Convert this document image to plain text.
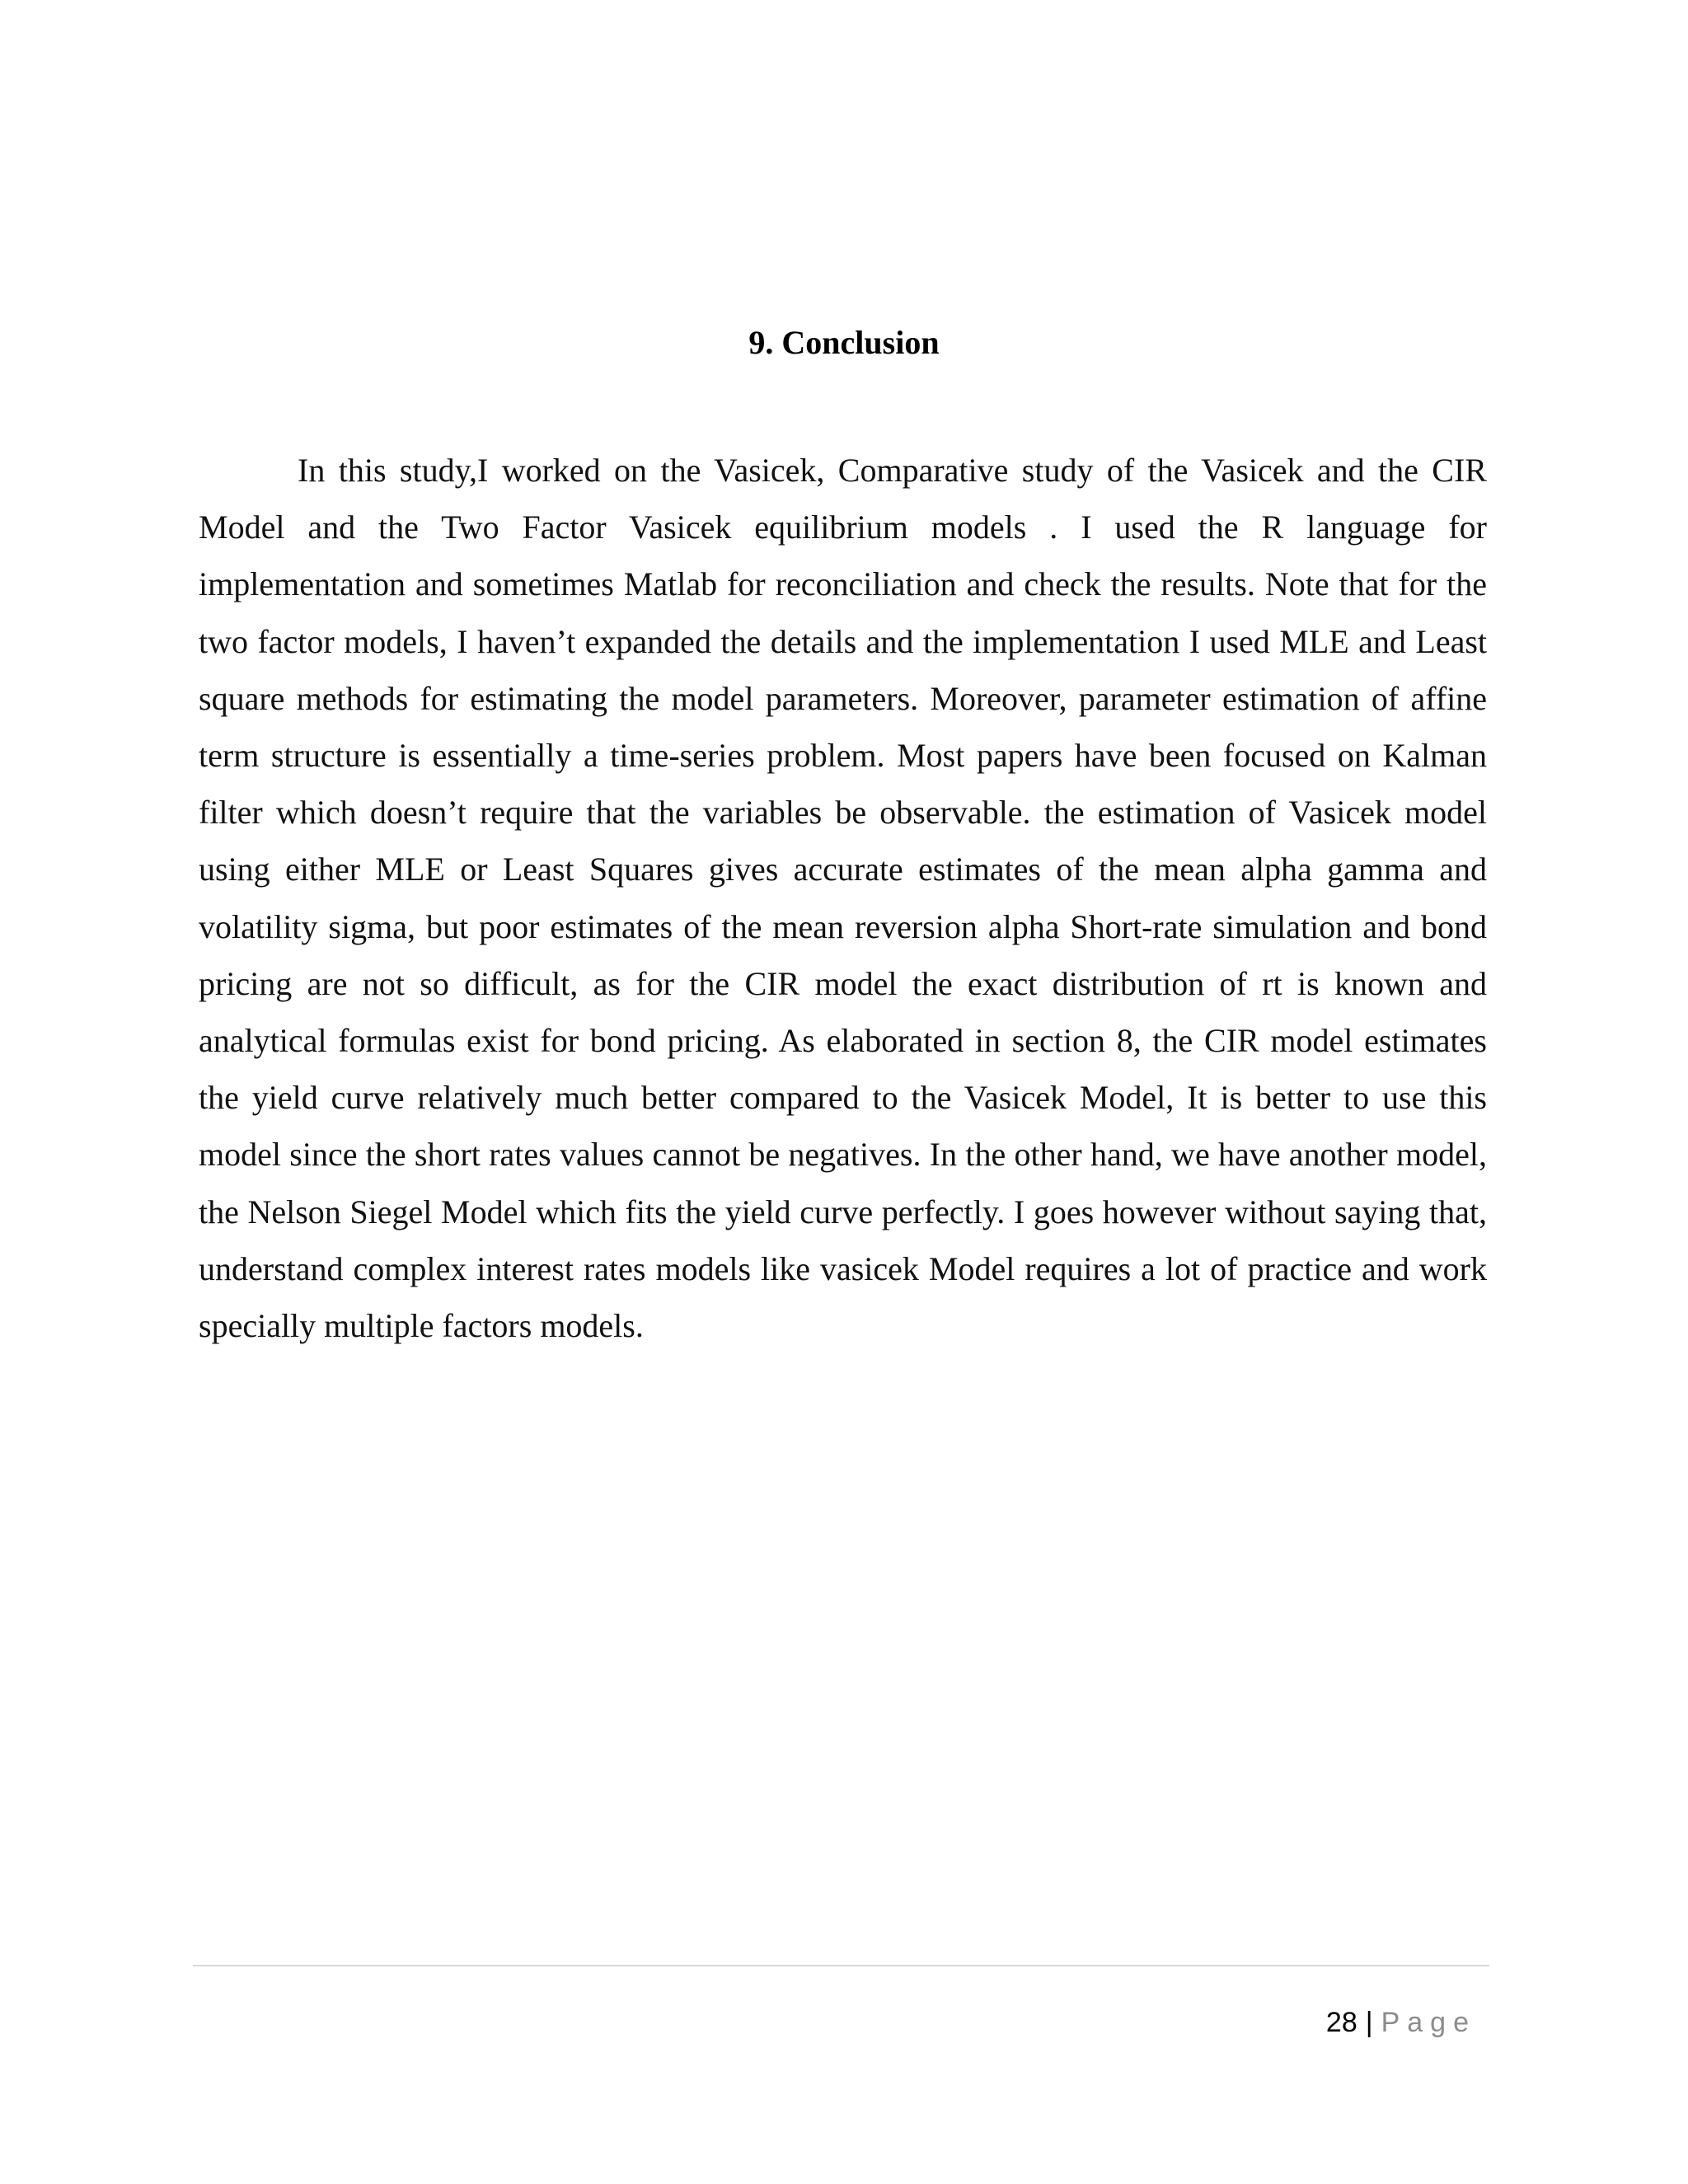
9. Conclusion

In this study,I worked on the Vasicek, Comparative study of the Vasicek and the CIR Model and the Two Factor Vasicek equilibrium models . I used the R language for implementation and sometimes Matlab for reconciliation and check the results. Note that for the two factor models, I haven’t expanded the details and the implementation I used MLE and Least square methods for estimating the model parameters. Moreover, parameter estimation of affine term structure is essentially a time-series problem. Most papers have been focused on Kalman filter which doesn’t require that the variables be observable. the estimation of Vasicek model using either MLE or Least Squares gives accurate estimates of the mean alpha gamma and volatility sigma, but poor estimates of the mean reversion alpha Short-rate simulation and bond pricing are not so difficult, as for the CIR model the exact distribution of rt is known and analytical formulas exist for bond pricing. As elaborated in section 8, the CIR model estimates the yield curve relatively much better compared to the Vasicek Model, It is better to use this model since the short rates values cannot be negatives. In the other hand, we have another model, the Nelson Siegel Model which fits the yield curve perfectly. I goes however without saying that, understand complex interest rates models like vasicek Model requires a lot of practice and work specially multiple factors models.

28 | Page
